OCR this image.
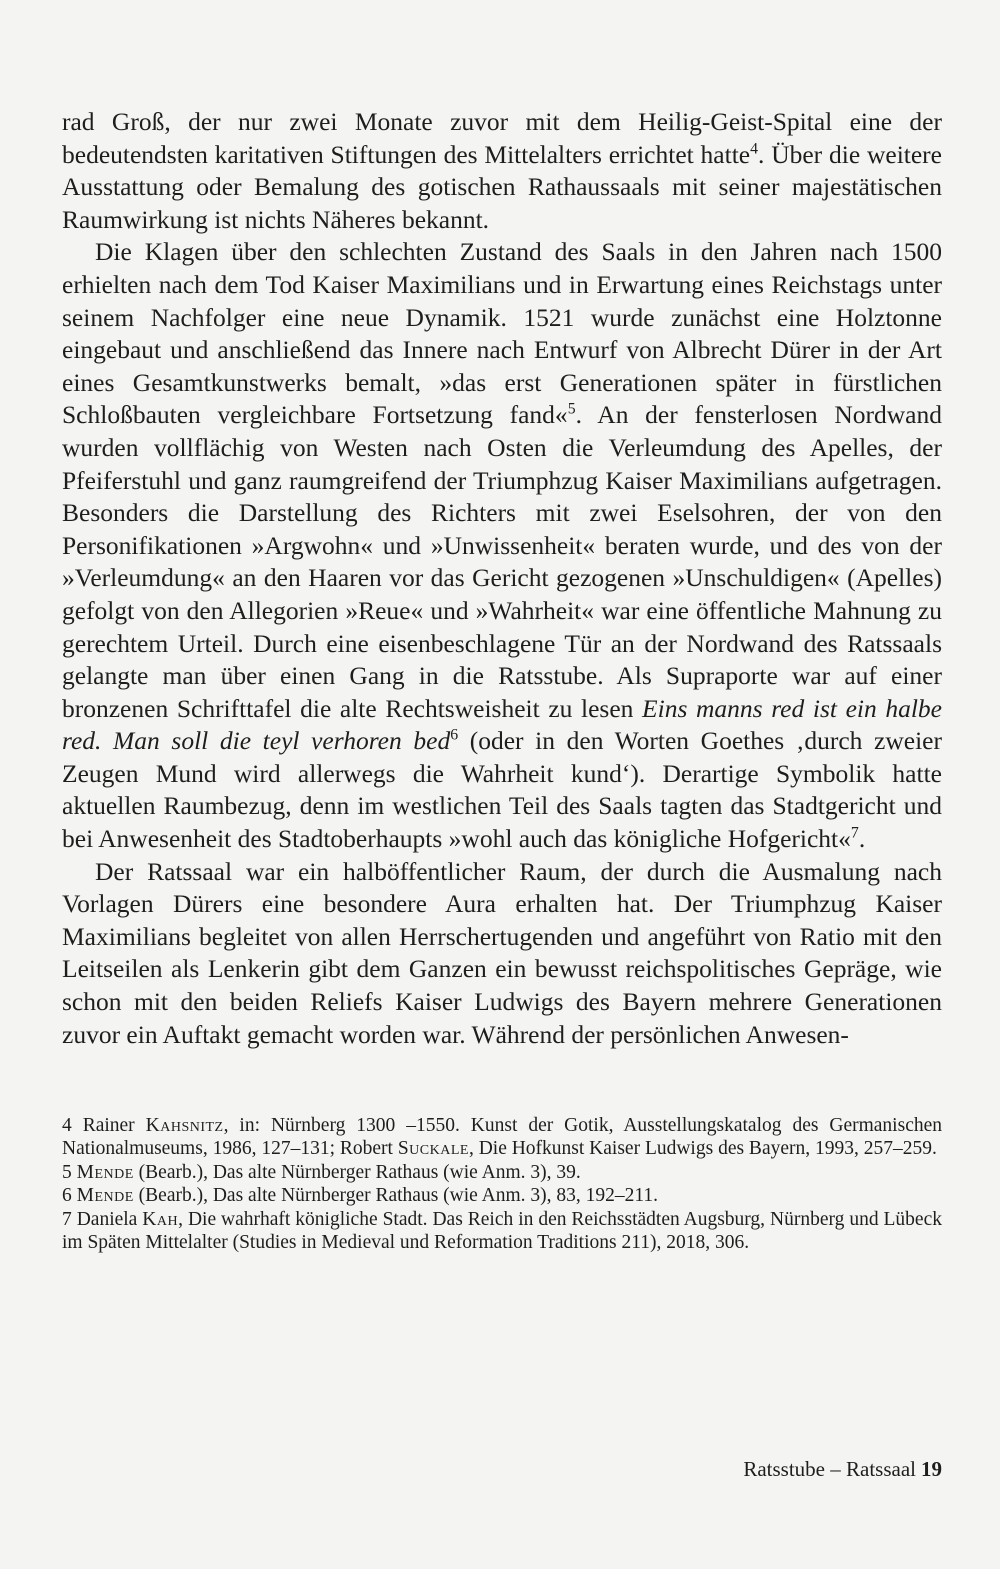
rad Groß, der nur zwei Monate zuvor mit dem Heilig-Geist-Spital eine der bedeutendsten karitativen Stiftungen des Mittelalters errichtet hatte$^4$. Über die weitere Ausstattung oder Bemalung des gotischen Rathaussaals mit seiner majestätischen Raumwirkung ist nichts Näheres bekannt.

Die Klagen über den schlechten Zustand des Saals in den Jahren nach 1500 erhielten nach dem Tod Kaiser Maximilians und in Erwartung eines Reichstags unter seinem Nachfolger eine neue Dynamik. 1521 wurde zunächst eine Holztonne eingebaut und anschließend das Innere nach Entwurf von Albrecht Dürer in der Art eines Gesamtkunstwerks bemalt, »das erst Generationen später in fürstlichen Schloßbauten vergleichbare Fortsetzung fand«$^5$. An der fensterlosen Nordwand wurden vollflächig von Westen nach Osten die Verleumdung des Apelles, der Pfeiferstuhl und ganz raumgreifend der Triumphzug Kaiser Maximilians aufgetragen. Besonders die Darstellung des Richters mit zwei Eselsohren, der von den Personifikationen »Argwohn« und »Unwissenheit« beraten wurde, und des von der »Verleumdung« an den Haaren vor das Gericht gezogenen »Unschuldigen« (Apelles) gefolgt von den Allegorien »Reue« und »Wahrheit« war eine öffentliche Mahnung zu gerechtem Urteil. Durch eine eisenbeschlagene Tür an der Nordwand des Ratssaals gelangte man über einen Gang in die Ratsstube. Als Supraporte war auf einer bronzenen Schrifttafel die alte Rechtsweisheit zu lesen Eins manns red ist ein halbe red. Man soll die teyl verhoren bed$^6$ (oder in den Worten Goethes ‚durch zweier Zeugen Mund wird allerwegs die Wahrheit kund‘). Derartige Symbolik hatte aktuellen Raumbezug, denn im westlichen Teil des Saals tagten das Stadtgericht und bei Anwesenheit des Stadtoberhaupts »wohl auch das königliche Hofgericht«$^7$.

Der Ratssaal war ein halböffentlicher Raum, der durch die Ausmalung nach Vorlagen Dürers eine besondere Aura erhalten hat. Der Triumphzug Kaiser Maximilians begleitet von allen Herrschertugenden und angeführt von Ratio mit den Leitseilen als Lenkerin gibt dem Ganzen ein bewusst reichspolitisches Gepräge, wie schon mit den beiden Reliefs Kaiser Ludwigs des Bayern mehrere Generationen zuvor ein Auftakt gemacht worden war. Während der persönlichen Anwesen-

4 Rainer Kahsnitz, in: Nürnberg 1300 –1550. Kunst der Gotik, Ausstellungskatalog des Germanischen Nationalmuseums, 1986, 127–131; Robert Suckale, Die Hofkunst Kaiser Ludwigs des Bayern, 1993, 257–259.

5 Mende (Bearb.), Das alte Nürnberger Rathaus (wie Anm. 3), 39.

6 Mende (Bearb.), Das alte Nürnberger Rathaus (wie Anm. 3), 83, 192–211.

7 Daniela Kah, Die wahrhaft königliche Stadt. Das Reich in den Reichsstädten Augsburg, Nürnberg und Lübeck im Späten Mittelalter (Studies in Medieval und Reformation Traditions 211), 2018, 306.

Ratsstube – Ratssaal 19
